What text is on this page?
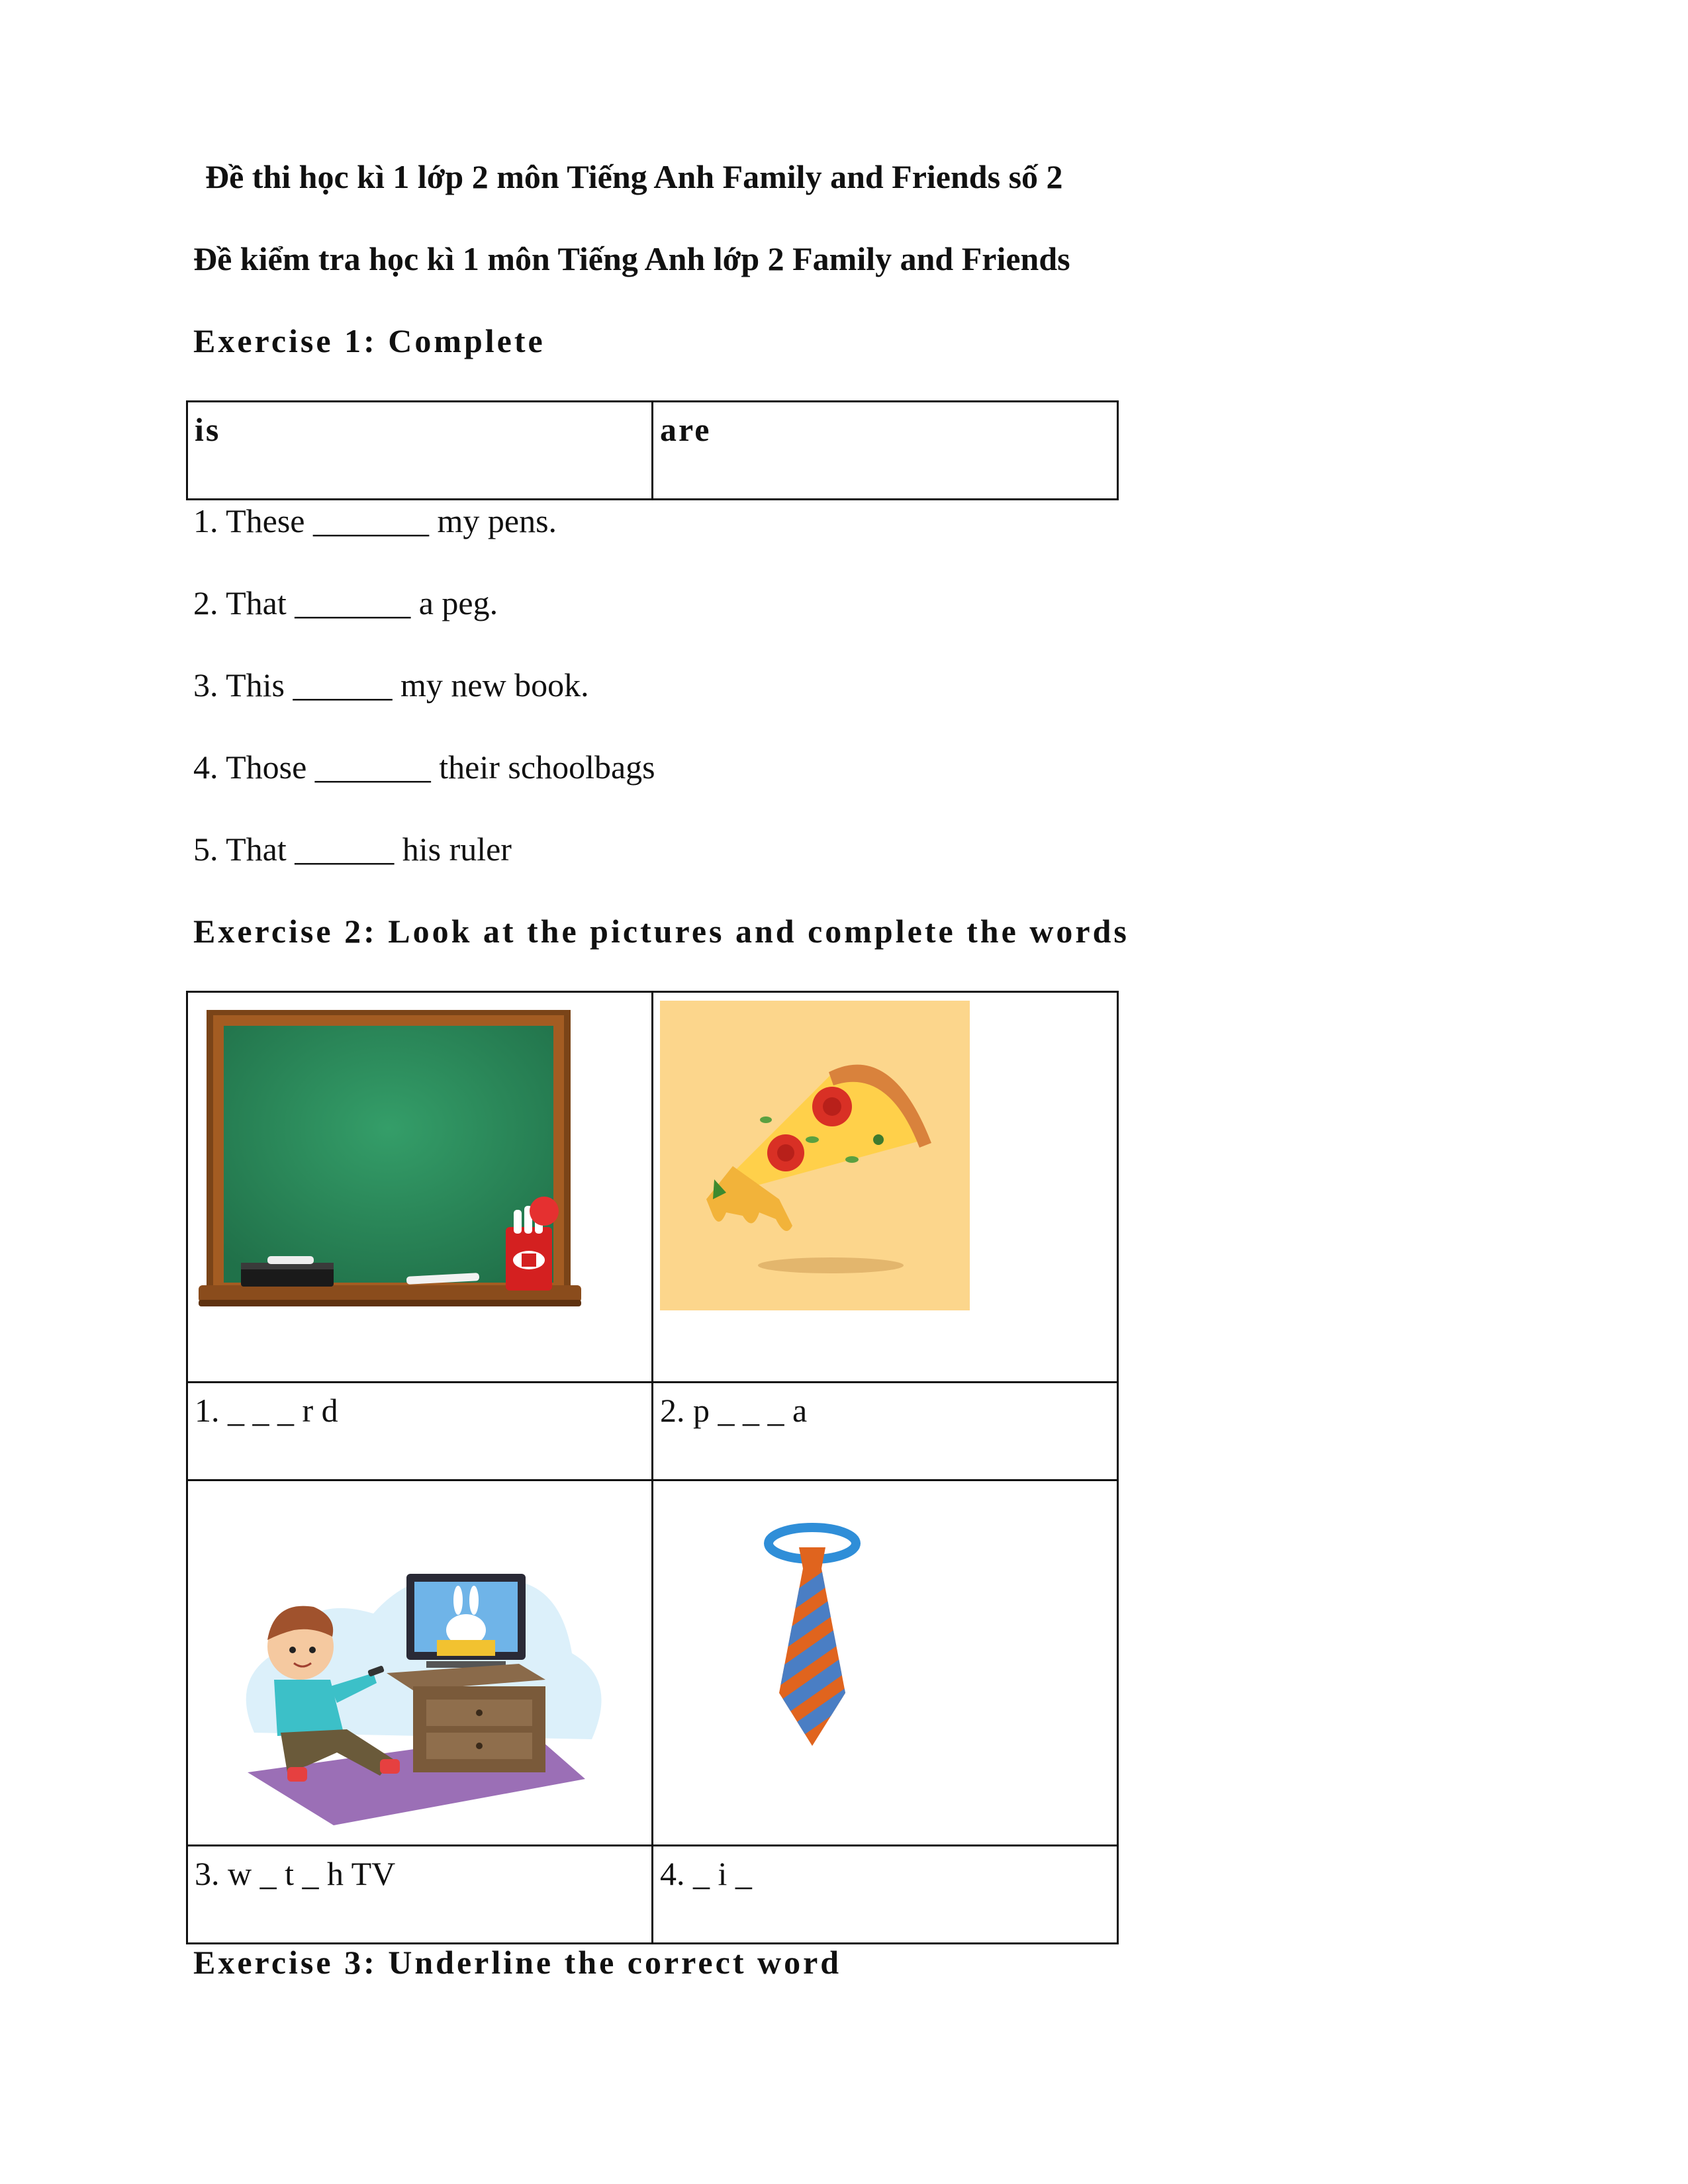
Đề thi học kì 1 lớp 2 môn Tiếng Anh Family and Friends số 2
Đề kiểm tra học kì 1 môn Tiếng Anh lớp 2 Family and Friends
Exercise 1: Complete
is	are
1. These _______ my pens.
2. That _______ a peg.
3. This ______ my new book.
4. Those _______ their schoolbags
5. That ______ his ruler
Exercise 2: Look at the pictures and complete the words

1. _ _ _ r d	2. p _ _ _ a

3. w _ t _ h TV	4. _ i _
Exercise 3: Underline the correct word
